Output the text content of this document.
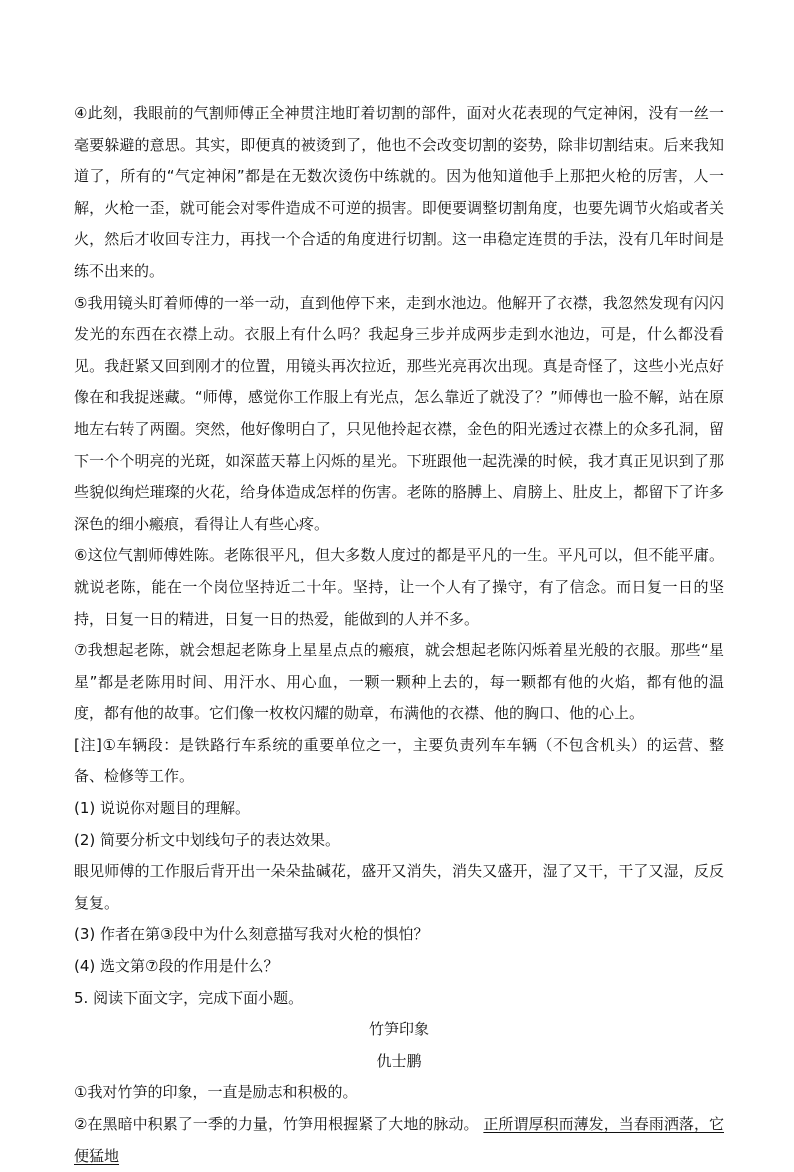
④此刻，我眼前的气割师傅正全神贯注地盯着切割的部件，面对火花表现的气定神闲，没有一丝一毫要躲避的意思。其实，即便真的被烫到了，他也不会改变切割的姿势，除非切割结束。后来我知道了，所有的“气定神闲”都是在无数次烫伤中练就的。因为他知道他手上那把火枪的厉害，人一解，火枪一歪，就可能会对零件造成不可逆的损害。即便要调整切割角度，也要先调节火焰或者关火，然后才收回专注力，再找一个合适的角度进行切割。这一串稳定连贯的手法，没有几年时间是练不出来的。

⑤我用镜头盯着师傅的一举一动，直到他停下来，走到水池边。他解开了衣襟，我忽然发现有闪闪发光的东西在衣襟上动。衣服上有什么吗？我起身三步并成两步走到水池边，可是，什么都没看见。我赶紧又回到刚才的位置，用镜头再次拉近，那些光亮再次出现。真是奇怪了，这些小光点好像在和我捉迷藏。“师傅，感觉你工作服上有光点，怎么靠近了就没了？”师傅也一脸不解，站在原地左右转了两圈。突然，他好像明白了，只见他拎起衣襟，金色的阳光透过衣襟上的众多孔洞，留下一个个明亮的光斑，如深蓝天幕上闪烁的星光。下班跟他一起洗澡的时候，我才真正见识到了那些貌似绚烂璀璨的火花，给身体造成怎样的伤害。老陈的胳膊上、肩膀上、肚皮上，都留下了许多深色的细小瘢痕，看得让人有些心疼。

⑥这位气割师傅姓陈。老陈很平凡，但大多数人度过的都是平凡的一生。平凡可以，但不能平庸。就说老陈，能在一个岗位坚持近二十年。坚持，让一个人有了操守，有了信念。而日复一日的坚持，日复一日的精进，日复一日的热爱，能做到的人并不多。

⑦我想起老陈，就会想起老陈身上星星点点的瘢痕，就会想起老陈闪烁着星光般的衣服。那些“星星”都是老陈用时间、用汗水、用心血，一颗一颗种上去的，每一颗都有他的火焰，都有他的温度，都有他的故事。它们像一枚枚闪耀的勋章，布满他的衣襟、他的胸口、他的心上。

[注]①车辆段：是铁路行车系统的重要单位之一，主要负责列车车辆（不包含机头）的运营、整备、检修等工作。

(1) 说说你对题目的理解。

(2) 简要分析文中划线句子的表达效果。

眼见师傅的工作服后背开出一朵朵盐碱花，盛开又消失，消失又盛开，湿了又干，干了又湿，反反复复。

(3) 作者在第③段中为什么刻意描写我对火枪的惧怕？

(4) 选文第⑦段的作用是什么？

5. 阅读下面文字，完成下面小题。

竹笋印象

仇士鹏

①我对竹笋的印象，一直是励志和积极的。

②在黑暗中积累了一季的力量，竹笋用根握紧了大地的脉动。 正所谓厚积而薄发，当春雨洒落，它便猛地
